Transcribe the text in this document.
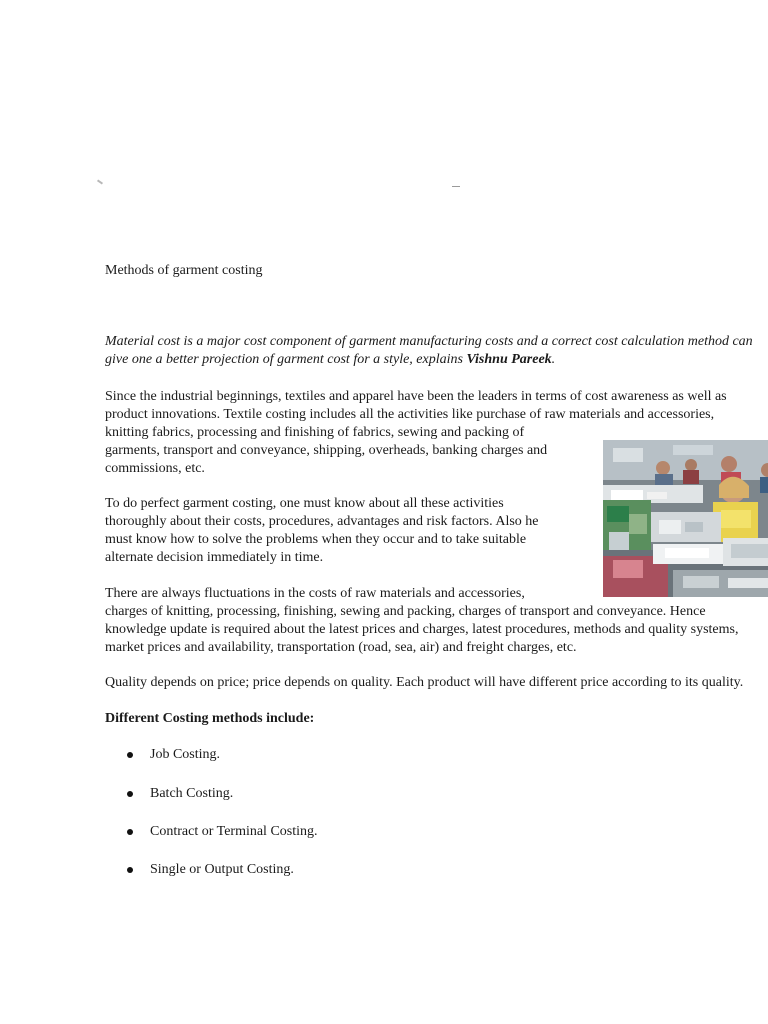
Methods of garment costing
Material cost is a major cost component of garment manufacturing costs and a correct cost calculation method can
give one a better projection of garment cost for a style, explains Vishnu Pareek.
Since the industrial beginnings, textiles and apparel have been the leaders in terms of cost awareness as well as
product innovations. Textile costing includes all the activities like purchase of raw materials and accessories,
knitting fabrics, processing and finishing of fabrics, sewing and packing of
garments, transport and conveyance, shipping, overheads, banking charges and
commissions, etc.
To do perfect garment costing, one must know about all these activities
thoroughly about their costs, procedures, advantages and risk factors. Also he
must know how to solve the problems when they occur and to take suitable
alternate decision immediately in time.
There are always fluctuations in the costs of raw materials and accessories,
charges of knitting, processing, finishing, sewing and packing, charges of transport and conveyance. Hence
knowledge update is required about the latest prices and charges, latest procedures, methods and quality systems,
market prices and availability, transportation (road, sea, air) and freight charges, etc.
Quality depends on price; price depends on quality. Each product will have different price according to its quality.
Different Costing methods include:
Job Costing.
Batch Costing.
Contract or Terminal Costing.
Single or Output Costing.
